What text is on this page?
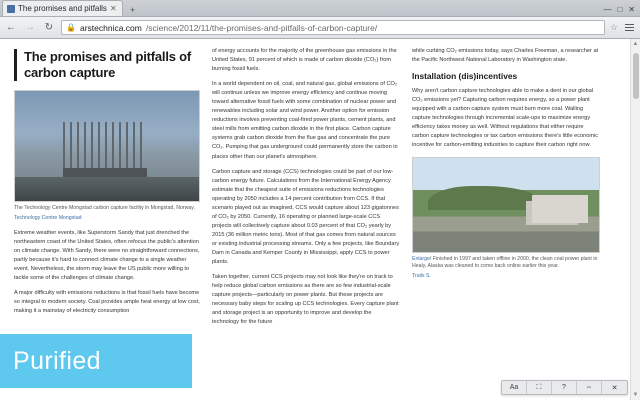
The promises and pitfalls ✕	+	— □ ✕
← → ↻	🔒 arstechnica.com /science/2012/11/the-promises-and-pitfalls-of-carbon-capture/	☆
The promises and pitfalls of carbon capture
The Technology Centre Mongstad carbon capture facility in Mongstad, Norway.
Technology Centre Mongstad

Extreme weather events, like Superstorm Sandy that just drenched the northeastern coast of the United States, often refocus the public's attention on climate change. With Sandy, there were no straightforward connections, partly because it's hard to connect climate change to a single weather event. Nevertheless, the storm may leave the US public more willing to tackle some of the challenges of climate change.

A major difficulty with emissions reductions is that fossil fuels have become so integral to modern society. Coal provides ample heat energy at low cost, making it a mainstay of electricity consumption

of energy accounts for the majority of the greenhouse gas emissions in the United States, 91 percent of which is made of carbon dioxide (CO₂) from burning fossil fuels.

In a world dependent on oil, coal, and natural gas, global emissions of CO₂ will continue unless we improve energy efficiency and continue moving toward alternative fossil fuels with some combination of nuclear power and renewables including solar and wind power. Another option for emission reductions involves preventing coal-fired power plants, cement plants, and steel mills from emitting carbon dioxide in the first place. Carbon capture systems grab carbon dioxide from the flue gas and concentrate the pure CO₂. Pumping that gas underground could permanently store the carbon in places other than our planet's atmosphere.

Carbon capture and storage (CCS) technologies could be part of our low-carbon energy future. Calculations from the International Energy Agency estimate that the cheapest suite of emissions reductions technologies operating by 2050 includes a 14 percent contribution from CCS. If that scenario played out as imagined, CCS would capture about 123 gigatonnes of CO₂ by 2050. Currently, 16 operating or planned large-scale CCS projects will collectively capture about 0.03 percent of that CO₂ yearly by 2015 (36 million metric tons). Most of that gas comes from natural sources or existing industrial processing streams. Only a few projects, like Boundary Dam in Canada and Kemper County in Mississippi, apply CCS to power plants.

Taken together, current CCS projects may not look like they're on track to help reduce global carbon emissions as there are so few industrial-scale capture projects—particularly on power plants. But these projects are necessary baby steps for scaling up CCS technologies. Every capture plant and storage project is an opportunity to improve and develop the technology for the future

while curbing CO₂ emissions today, says Charles Freeman, a researcher at the Pacific Northwest National Laboratory in Washington state.

Installation (dis)incentives

Why aren't carbon capture technologies able to make a dent in our global CO₂ emissions yet? Capturing carbon requires energy, so a power plant equipped with a carbon capture system must burn more coal. Walling capture technologies through incremental scale-ups to maximize energy efficiency takes money as well. Without regulations that either require carbon capture technologies or tax carbon emissions there's little economic incentive for carbon-emitting industries to capture their carbon right now.

Enlarge/ Finished in 1997 and taken offline in 2000, the clean coal power plant in Healy, Alaska was cleaned to come back online earlier this year.
Trails S.
▲
▼
Purified
Aa	⛶	?	⇔	✕
